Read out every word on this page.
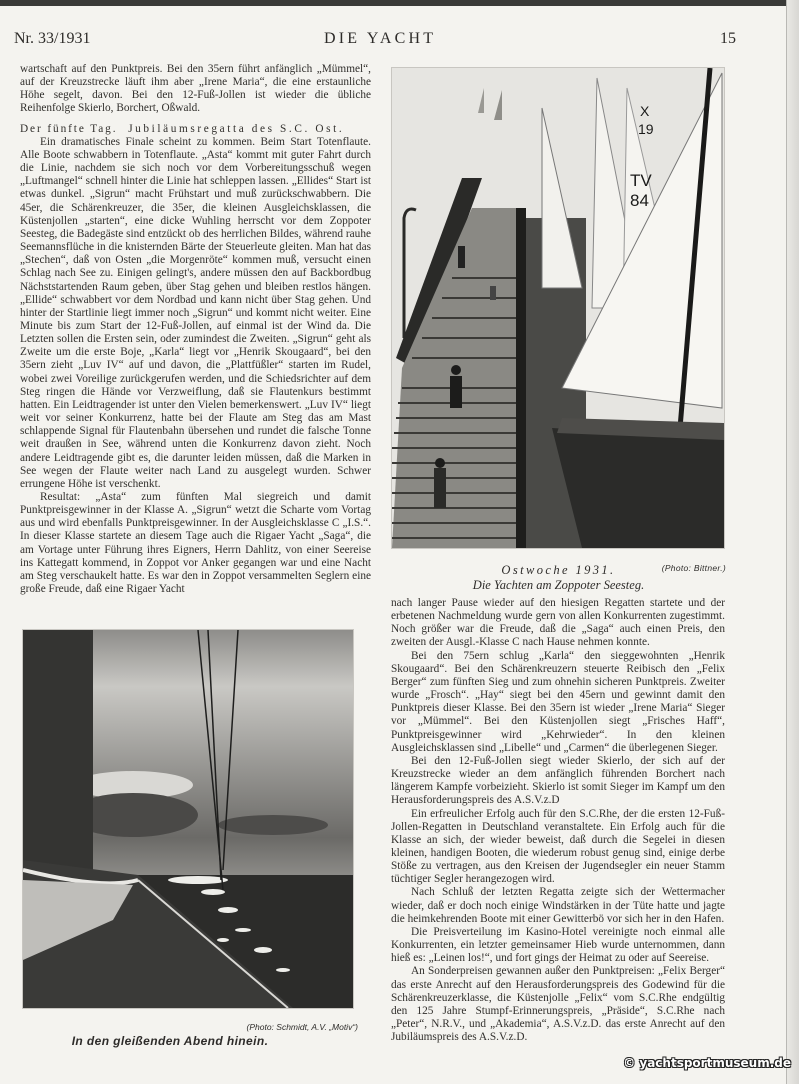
Nr. 33/1931	DIE YACHT	15

wartschaft auf den Punktpreis. Bei den 35ern führt anfänglich „Mümmel“, auf der Kreuzstrecke läuft ihm aber „Irene Maria“, die eine erstaunliche Höhe segelt, davon. Bei den 12-Fuß-Jollen ist wieder die übliche Reihenfolge Skierlo, Borchert, Oßwald.

Der fünfte Tag. Jubiläumsregatta des S.C. Ost.

Ein dramatisches Finale scheint zu kommen. Beim Start Totenflaute. Alle Boote schwabbern in Totenflaute. „Asta“ kommt mit guter Fahrt durch die Linie, nachdem sie sich noch vor dem Vorbereitungsschuß wegen „Luftmangel“ schnell hinter die Linie hat schleppen lassen. „Ellides“ Start ist etwas dunkel. „Sigrun“ macht Frühstart und muß zurückschwabbern. Die 45er, die Schärenkreuzer, die 35er, die kleinen Ausgleichsklassen, die Küstenjollen „starten“, eine dicke Wuhling herrscht vor dem Zoppoter Seesteg, die Badegäste sind entzückt ob des herrlichen Bildes, während rauhe Seemannsflüche in die knisternden Bärte der Steuerleute gleiten. Man hat das „Stechen“, daß von Osten „die Morgenröte“ kommen muß, versucht einen Schlag nach See zu. Einigen gelingt's, andere müssen den auf Backbordbug Nächststartenden Raum geben, über Stag gehen und bleiben restlos hängen. „Ellide“ schwabbert vor dem Nordbad und kann nicht über Stag gehen. Und hinter der Startlinie liegt immer noch „Sigrun“ und kommt nicht weiter. Eine Minute bis zum Start der 12-Fuß-Jollen, auf einmal ist der Wind da. Die Letzten sollen die Ersten sein, oder zumindest die Zweiten. „Sigrun“ geht als Zweite um die erste Boje, „Karla“ liegt vor „Henrik Skougaard“, bei den 35ern zieht „Luv IV“ auf und davon, die „Plattfüßler“ starten im Rudel, wobei zwei Voreilige zurückgerufen werden, und die Schiedsrichter auf dem Steg ringen die Hände vor Verzweiflung, daß sie Flautenkurs bestimmt hatten. Ein Leidtragender ist unter den Vielen bemerkenswert. „Luv IV“ liegt weit vor seiner Konkurrenz, hatte bei der Flaute am Steg das am Mast schlappende Signal für Flautenbahn übersehen und rundet die falsche Tonne weit draußen in See, während unten die Konkurrenz davon zieht. Noch andere Leidtragende gibt es, die darunter leiden müssen, daß die Marken in See wegen der Flaute weiter nach Land zu ausgelegt wurden. Schwer errungene Höhe ist verschenkt.

Resultat: „Asta“ zum fünften Mal siegreich und damit Punktpreisgewinner in der Klasse A. „Sigrun“ wetzt die Scharte vom Vortag aus und wird ebenfalls Punktpreisgewinner. In der Ausgleichsklasse C „I.S.“. In dieser Klasse startete an diesem Tage auch die Rigaer Yacht „Saga“, die am Vortage unter Führung ihres Eigners, Herrn Dahlitz, von einer Seereise ins Kattegatt kommend, in Zoppot vor Anker gegangen war und eine Nacht am Steg verschaukelt hatte. Es war den in Zoppot versammelten Seglern eine große Freude, daß eine Rigaer Yacht

X
19
TV
84
(Photo: Bittner.)
Ostwoche 1931.
Die Yachten am Zoppoter Seesteg.

nach langer Pause wieder auf den hiesigen Regatten startete und der erbetenen Nachmeldung wurde gern von allen Konkurrenten zugestimmt. Noch größer war die Freude, daß die „Saga“ auch einen Preis, den zweiten der Ausgl.-Klasse C nach Hause nehmen konnte.

Bei den 75ern schlug „Karla“ den sieggewohnten „Henrik Skougaard“. Bei den Schärenkreuzern steuerte Reibisch den „Felix Berger“ zum fünften Sieg und zum ohnehin sicheren Punktpreis. Zweiter wurde „Frosch“. „Hay“ siegt bei den 45ern und gewinnt damit den Punktpreis dieser Klasse. Bei den 35ern ist wieder „Irene Maria“ Sieger vor „Mümmel“. Bei den Küstenjollen siegt „Frisches Haff“, Punktpreisgewinner wird „Kehrwieder“. In den kleinen Ausgleichsklassen sind „Libelle“ und „Carmen“ die überlegenen Sieger.

Bei den 12-Fuß-Jollen siegt wieder Skierlo, der sich auf der Kreuzstrecke wieder an dem anfänglich führenden Borchert nach längerem Kampfe vorbeizieht. Skierlo ist somit Sieger im Kampf um den Herausforderungspreis des A.S.V.z.D

Ein erfreulicher Erfolg auch für den S.C.Rhe, der die ersten 12-Fuß-Jollen-Regatten in Deutschland veranstaltete. Ein Erfolg auch für die Klasse an sich, der wieder beweist, daß durch die Segelei in diesen kleinen, handigen Booten, die wiederum robust genug sind, einige derbe Stöße zu vertragen, aus den Kreisen der Jugendsegler ein neuer Stamm tüchtiger Segler herangezogen wird.

Nach Schluß der letzten Regatta zeigte sich der Wettermacher wieder, daß er doch noch einige Windstärken in der Tüte hatte und jagte die heimkehrenden Boote mit einer Gewitterbö vor sich her in den Hafen.

Die Preisverteilung im Kasino-Hotel vereinigte noch einmal alle Konkurrenten, ein letzter gemeinsamer Hieb wurde unternommen, dann hieß es: „Leinen los!“, und fort gings der Heimat zu oder auf Seereise.

An Sonderpreisen gewannen außer den Punktpreisen: „Felix Berger“ das erste Anrecht auf den Herausforderungspreis des Godewind für die Schärenkreuzerklasse, die Küstenjolle „Felix“ vom S.C.Rhe endgültig den 125 Jahre Stumpf-Erinnerungspreis, „Präside“, S.C.Rhe nach „Peter“, N.R.V., und „Akademia“, A.S.V.z.D. das erste Anrecht auf den Jubiläumspreis des A.S.V.z.D.

(Photo: Schmidt, A.V. „Motiv“)
In den gleißenden Abend hinein.
© yachtsportmuseum.de
